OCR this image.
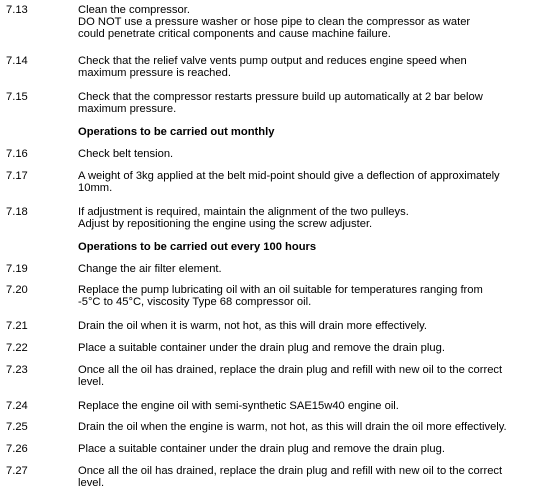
7.13	Clean the compressor.
DO NOT use a pressure washer or hose pipe to clean the compressor as water
could penetrate critical components and cause machine failure.
7.14	Check that the relief valve vents pump output and reduces engine speed when
maximum pressure is reached.
7.15	Check that the compressor restarts pressure build up automatically at 2 bar below
maximum pressure.
Operations to be carried out monthly
7.16	Check belt tension.
7.17	A weight of 3kg applied at the belt mid-point should give a deflection of approximately
10mm.
7.18	If adjustment is required, maintain the alignment of the two pulleys.
Adjust by repositioning the engine using the screw adjuster.
Operations to be carried out every 100 hours
7.19	Change the air filter element.
7.20	Replace the pump lubricating oil with an oil suitable for temperatures ranging from
-5°C to 45°C, viscosity Type 68 compressor oil.
7.21	Drain the oil when it is warm, not hot, as this will drain more effectively.
7.22	Place a suitable container under the drain plug and remove the drain plug.
7.23	Once all the oil has drained, replace the drain plug and refill with new oil to the correct
level.
7.24	Replace the engine oil with semi-synthetic SAE15w40 engine oil.
7.25	Drain the oil when the engine is warm, not hot, as this will drain the oil more effectively.
7.26	Place a suitable container under the drain plug and remove the drain plug.
7.27	Once all the oil has drained, replace the drain plug and refill with new oil to the correct
level.
